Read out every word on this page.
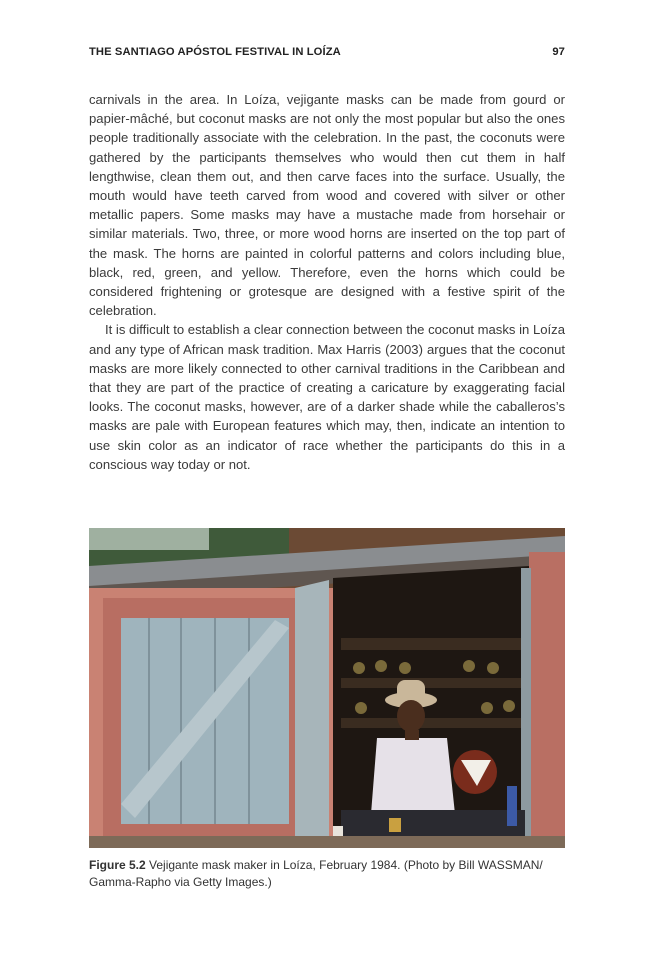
THE SANTIAGO APÓSTOL FESTIVAL IN LOÍZA	97

carnivals in the area. In Loíza, vejigante masks can be made from gourd or papier-mâché, but coconut masks are not only the most popular but also the ones people traditionally associate with the celebration. In the past, the coconuts were gathered by the participants themselves who would then cut them in half lengthwise, clean them out, and then carve faces into the surface. Usually, the mouth would have teeth carved from wood and covered with silver or other metallic papers. Some masks may have a mustache made from horsehair or similar materials. Two, three, or more wood horns are inserted on the top part of the mask. The horns are painted in colorful patterns and colors including blue, black, red, green, and yellow. Therefore, even the horns which could be considered frightening or grotesque are designed with a festive spirit of the celebration.

It is difficult to establish a clear connection between the coconut masks in Loíza and any type of African mask tradition. Max Harris (2003) argues that the coconut masks are more likely connected to other carnival traditions in the Caribbean and that they are part of the practice of creating a caricature by exaggerating facial looks. The coconut masks, however, are of a darker shade while the caballeros’s masks are pale with European features which may, then, indicate an intention to use skin color as an indicator of race whether the participants do this in a conscious way today or not.

Figure 5.2 Vejigante mask maker in Loíza, February 1984. (Photo by Bill WASSMAN/ Gamma-Rapho via Getty Images.)
